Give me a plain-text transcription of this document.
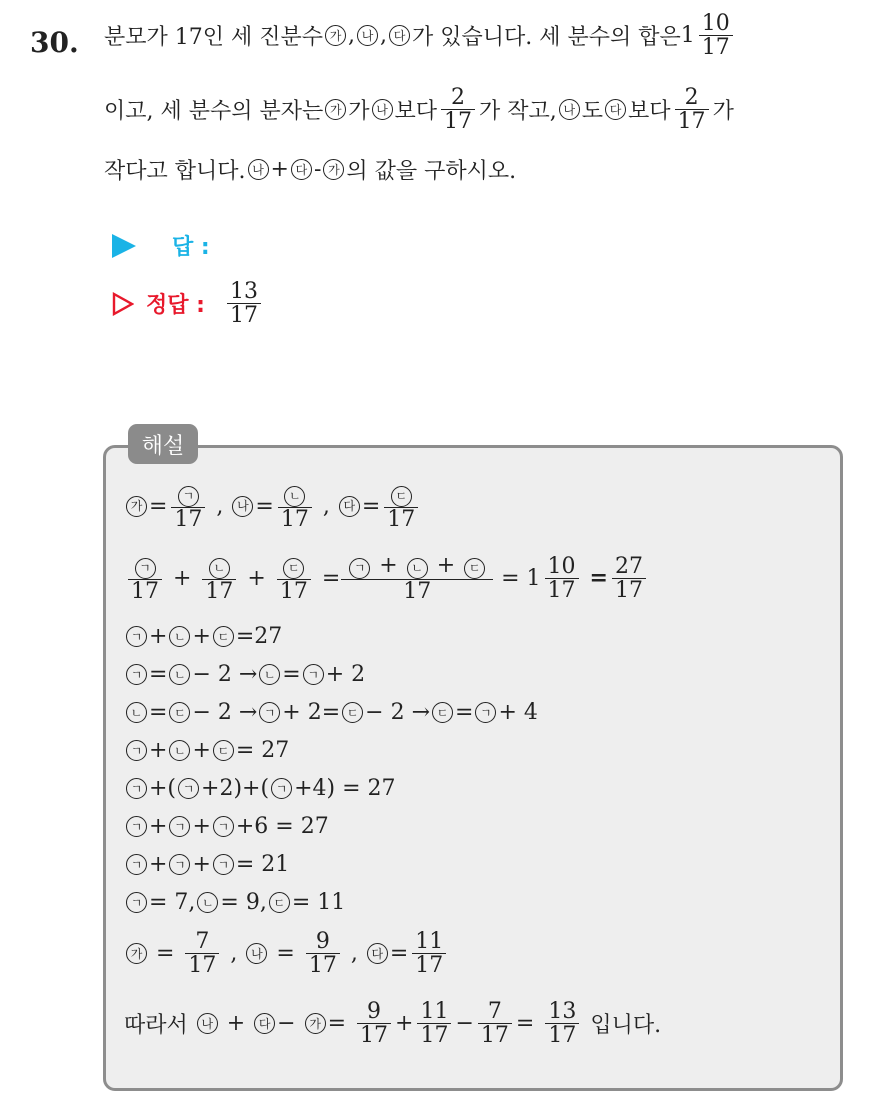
30. 분모가 17인 세 진분수 가 , 나 , 다 가 있습니다. 세 분수의 합은 $1 \frac{10}{17}$
이고, 세 분수의 분자는 가 가 나 보다 $\frac{2}{17}$ 가 작고, 나 도 다 보다 $\frac{2}{17}$ 가
작다고 합니다. 나 + 다 - 가 의 값을 구하시오.
답 :
정답 : $\frac{13}{17}$
해설
가 = $\frac{\text{ㄱ}}{17}$ , 나 = $\frac{\text{ㄴ}}{17}$ , 다 = $\frac{\text{ㄷ}}{17}$
$\frac{\text{ㄱ}}{17} + \frac{\text{ㄴ}}{17} + \frac{\text{ㄷ}}{17} = \frac{\text{ㄱ + ㄴ + ㄷ}}{17} = 1 \frac{10}{17}$
= $\frac{27}{17}$
ㄱ + ㄴ + ㄷ =27
ㄱ = ㄴ − 2 → ㄴ = ㄱ + 2
ㄴ = ㄷ − 2 → ㄱ + 2= ㄷ − 2 → ㄷ = ㄱ + 4
ㄱ + ㄴ + ㄷ = 27
ㄱ +( ㄱ +2)+( ㄱ +4) = 27
ㄱ + ㄱ + ㄱ +6 = 27
ㄱ + ㄱ + ㄱ = 21
ㄱ = 7, ㄴ = 9, ㄷ = 11
가 = $\frac{7}{17}$ , 나 = $\frac{9}{17}$ , 다 = $\frac{11}{17}$
따라서 나 + 다 − 가 = $\frac{9}{17} + \frac{11}{17} - \frac{7}{17} = \frac{13}{17}$ 입니다.
